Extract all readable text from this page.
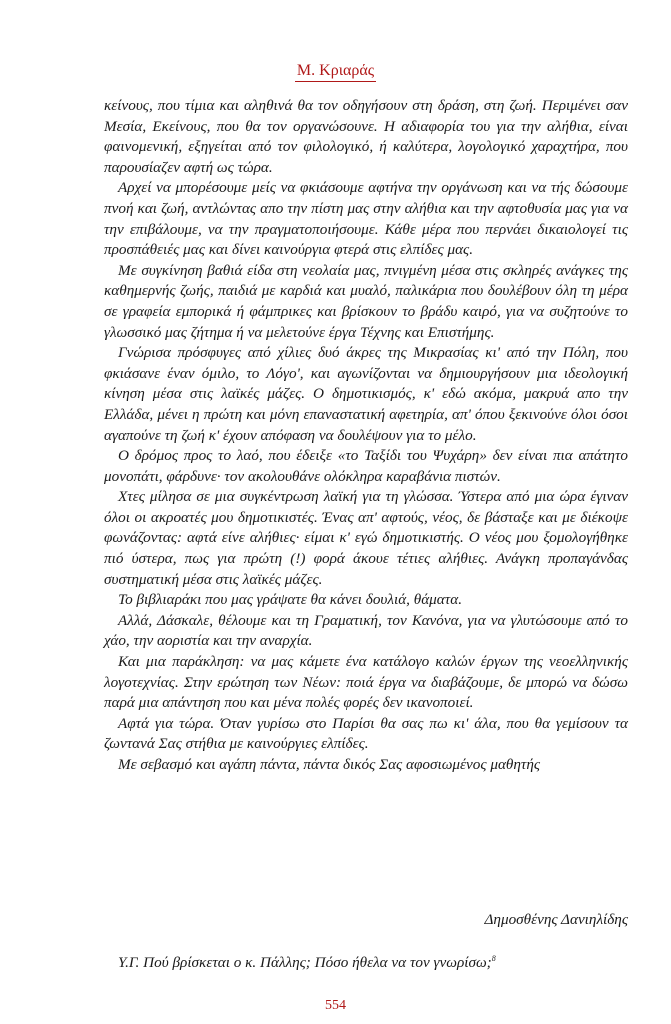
Μ. Κριαράς

κείνους, που τίμια και αληθινά θα τον οδηγήσουν στη δράση, στη ζωή. Περιμένει σαν Μεσία, Εκείνους, που θα τον οργανώσουνε. Η αδιαφορία του για την αλήθια, είναι φαινομενική, εξηγείται από τον φιλολογικό, ή καλύτερα, λογολογικό χαραχτήρα, που παρουσίαζεν αφτή ως τώρα.

Αρχεί να μπορέσουμε μείς να φκιάσουμε αφτήνα την οργάνωση και να τής δώσουμε πνοή και ζωή, αντλώντας απο την πίστη μας στην αλήθια και την αφτοθυσία μας για να την επιβάλουμε, να την πραγματοποιήσουμε. Κάθε μέρα που περνάει δικαιολογεί τις προσπάθειές μας και δίνει καινούργια φτερά στις ελπίδες μας.

Με συγκίνηση βαθιά είδα στη νεολαία μας, πνιγμένη μέσα στις σκληρές ανάγκες της καθημερνής ζωής, παιδιά με καρδιά και μυαλό, παλικάρια που δουλέβουν όλη τη μέρα σε γραφεία εμπορικά ή φάμπρικες και βρίσκουν το βράδυ καιρό, για να συζητούνε το γλωσσικό μας ζήτημα ή να μελετούνε έργα Τέχνης και Επιστήμης.

Γνώρισα πρόσφυγες από χίλιες δυό άκρες της Μικρασίας κι' από την Πόλη, που φκιάσανε έναν όμιλο, το Λόγο', και αγωνίζονται να δημιουργήσουν μια ιδεολογική κίνηση μέσα στις λαϊκές μάζες. Ο δημοτικισμός, κ' εδώ ακόμα, μακρυά απο την Ελλάδα, μένει η πρώτη και μόνη επαναστατική αφετηρία, απ' όπου ξεκινούνε όλοι όσοι αγαπούνε τη ζωή κ' έχουν απόφαση να δουλέψουν για το μέλο.

Ο δρόμος προς το λαό, που έδειξε «το Ταξίδι του Ψυχάρη» δεν είναι πια απάτητο μονοπάτι, φάρδυνε· τον ακολουθάνε ολόκληρα καραβάνια πιστών.

Χτες μίλησα σε μια συγκέντρωση λαϊκή για τη γλώσσα. Ύστερα από μια ώρα έγιναν όλοι οι ακροατές μου δημοτικιστές. Ένας απ' αφτούς, νέος, δε βάσταξε και με διέκοψε φωνάζοντας: αφτά είνε αλήθιες· είμαι κ' εγώ δημοτικιστής. Ο νέος μου ξομολογήθηκε πιό ύστερα, πως για πρώτη (!) φορά άκουε τέτιες αλήθιες. Ανάγκη προπαγάνδας συστηματική μέσα στις λαϊκές μάζες.

Το βιβλιαράκι που μας γράψατε θα κάνει δουλιά, θάματα.

Αλλά, Δάσκαλε, θέλουμε και τη Γραματική, τον Κανόνα, για να γλυτώσουμε από το χάο, την αοριστία και την αναρχία.

Και μια παράκληση: να μας κάμετε ένα κατάλογο καλών έργων της νεοελληνικής λογοτεχνίας. Στην ερώτηση των Νέων: ποιά έργα να διαβάζουμε, δε μπορώ να δώσω παρά μια απάντηση που και μένα πολές φορές δεν ικανοποιεί.

Αφτά για τώρα. Όταν γυρίσω στο Παρίσι θα σας πω κι' άλα, που θα γεμίσουν τα ζωντανά Σας στήθια με καινούργιες ελπίδες.

Με σεβασμό και αγάπη πάντα, πάντα δικός Σας αφοσιωμένος μαθητής

Δημοσθένης Δανιηλίδης
Υ.Γ. Πού βρίσκεται ο κ. Πάλλης; Πόσο ήθελα να τον γνωρίσω;$^8$
554
